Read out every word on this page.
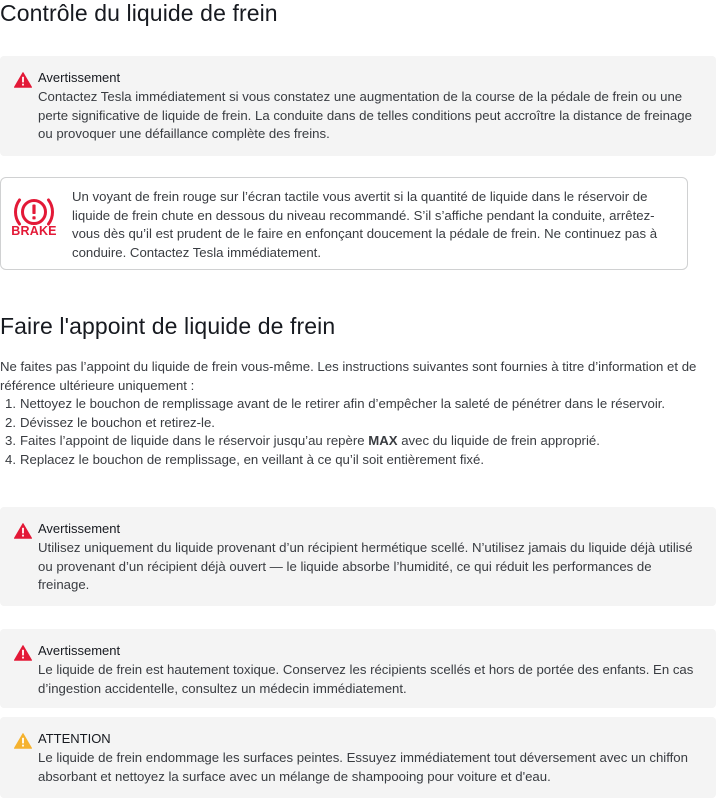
Contrôle du liquide de frein
Avertissement
Contactez Tesla immédiatement si vous constatez une augmentation de la course de la pédale de frein ou une perte significative de liquide de frein. La conduite dans de telles conditions peut accroître la distance de freinage ou provoquer une défaillance complète des freins.
BRAKE
Un voyant de frein rouge sur l’écran tactile vous avertit si la quantité de liquide dans le réservoir de liquide de frein chute en dessous du niveau recommandé. S’il s’affiche pendant la conduite, arrêtez-vous dès qu’il est prudent de le faire en enfonçant doucement la pédale de frein. Ne continuez pas à conduire. Contactez Tesla immédiatement.
Faire l'appoint de liquide de frein
Ne faites pas l’appoint du liquide de frein vous-même. Les instructions suivantes sont fournies à titre d’information et de référence ultérieure uniquement :
1. Nettoyez le bouchon de remplissage avant de le retirer afin d’empêcher la saleté de pénétrer dans le réservoir.
2. Dévissez le bouchon et retirez-le.
3. Faites l’appoint de liquide dans le réservoir jusqu’au repère MAX avec du liquide de frein approprié.
4. Replacez le bouchon de remplissage, en veillant à ce qu’il soit entièrement fixé.
Avertissement
Utilisez uniquement du liquide provenant d’un récipient hermétique scellé. N’utilisez jamais du liquide déjà utilisé ou provenant d’un récipient déjà ouvert — le liquide absorbe l’humidité, ce qui réduit les performances de freinage.
Avertissement
Le liquide de frein est hautement toxique. Conservez les récipients scellés et hors de portée des enfants. En cas d’ingestion accidentelle, consultez un médecin immédiatement.
ATTENTION
Le liquide de frein endommage les surfaces peintes. Essuyez immédiatement tout déversement avec un chiffon absorbant et nettoyez la surface avec un mélange de shampooing pour voiture et d'eau.
